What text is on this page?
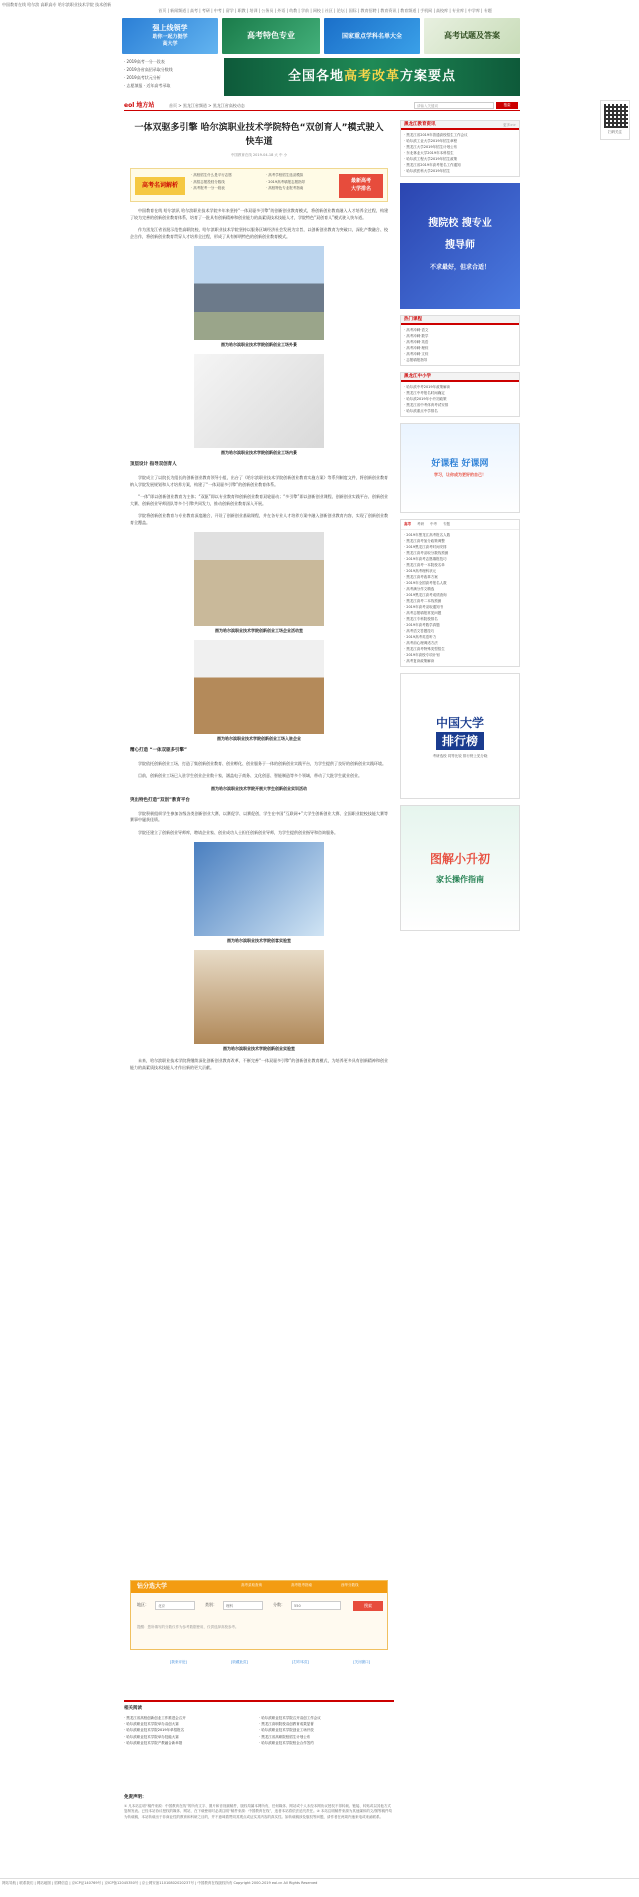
中国教育在线 哈尔滨 高职高专 哈尔滨职业技术学院 技术创新
首页 | 新闻频道 | 高考 | 考研 | 中考 | 留学 | 职教 | 培训 | 公务员 | 外语 | 幼教 | 学前 | 网校 | 社区 | 论坛 | 国际 | 教育招聘 | 教育资讯 | 教育频道 | 手机网 | 高校库 | 专业库 | 中学库 | 专题
强上线领学
助你一起力挺学
高大学
高考特色专业	国家重点学科名单大全	高考试题及答案
· 2019高考一分一段表
· 2019各省高招录取分数线
· 2019高考状元分析
· 志愿填报 · 近年高考录取
全国各地 高考改革 方案要点
扫码关注
eol 地方站	首页 > 黑龙江省频道 > 黑龙江省高校动态	请输入关键词	搜索
一体双驱多引擎 哈尔滨职业技术学院特色“双创育人”模式驶入快车道
中国教育在线 2019-04-18 大 中 小
高考名词解析
· 高校招生什么是平行志愿	· 高考学校招生选录模拟
· 高招志愿投档分数线	· 2019高考填报志愿指导
· 高考报考一分一段表	· 高校特色专业报考指南
最新高考
大学排名
中国教育在线 哈尔滨讯 哈尔滨职业技术学院多年来坚持“一体双驱多引擎”的创新创业教育模式，将创新创业教育融入人才培养全过程，构建了较为完善的创新创业教育体系，培育了一批具有创新精神和创业能力的高素质技术技能人才，学院特色“双创育人”模式驶入快车道。
作为黑龙江省首批示范性高职院校，哈尔滨职业技术学院坚持以服务区域经济社会发展为宗旨，以创新创业教育为突破口，深化产教融合、校企合作，将创新创业教育贯穿人才培养全过程，形成了具有鲜明特色的创新创业教育模式。
图为哈尔滨职业技术学院创新创业工场外景
图为哈尔滨职业技术学院创新创业工场内景
顶层设计 指导双创育人
学院成立了以院长为组长的创新创业教育领导小组，出台了《哈尔滨职业技术学院创新创业教育实施方案》等系列制度文件，将创新创业教育纳入学院发展规划和人才培养方案，构建了“一体双驱多引擎”的创新创业教育体系。
“一体”即以创新创业教育为主体；“双驱”即以专业教育和创新创业教育双轮驱动；“多引擎”即以创新创业课程、创新创业实践平台、创新创业大赛、创新创业导师团队等多个引擎共同发力，推动创新创业教育深入开展。
学院将创新创业教育与专业教育深度融合，开设了创新创业基础课程，并在各专业人才培养方案中融入创新创业教育内容，实现了创新创业教育全覆盖。
图为哈尔滨职业技术学院创新创业工场企业活动室
图为哈尔滨职业技术学院创新创业工场入驻企业
精心打造 “一体双驱多引擎”
学院依托创新创业工场，打造了集创新创业教育、创业孵化、创业服务于一体的创新创业实践平台，为学生提供了良好的创新创业实践环境。
目前，创新创业工场已入驻学生创业企业数十家，涵盖电子商务、文化创意、智能制造等多个领域，带动了大批学生就业创业。
图为哈尔滨职业技术学院开展大学生创新创业实训活动
突出特色打造“双创”教育平台
学院积极组织学生参加各级各类创新创业大赛，以赛促学、以赛促创，学生在中国“互联网+”大学生创新创业大赛、全国职业院校技能大赛等赛事中屡获佳绩。
学院还建立了创新创业导师库，聘请企业家、创业成功人士担任创新创业导师，为学生提供创业指导和咨询服务。
图为哈尔滨职业技术学院创客实验室
图为哈尔滨职业技术学院创新创业实验室
未来，哈尔滨职业技术学院将继续深化创新创业教育改革，不断完善“一体双驱多引擎”的创新创业教育模式，为培养更多具有创新精神和创业能力的高素质技术技能人才作出新的更大贡献。
钻分选大学	高考录取查询	高考报考指南	西华分数线
地区：	北京	类别：	理科	分数：	550	搜索
提醒：您所填写的分数仅作为参考数据使用，仅供选择高校参考。
[我来评论]	[收藏此页]	[打印本页]	[关闭窗口]
相关阅读
· 黑龙江省高校创新创业工作推进会召开	· 哈尔滨职业技术学院召开双创工作会议
· 哈尔滨职业技术学院举办双创大赛	· 黑龙江高职院校双创教育成果显著
· 哈尔滨职业技术学院2019年单招报名	· 哈尔滨职业技术学院创业工场开放
· 哈尔滨职业技术学院举办技能大赛	· 黑龙江省高职院校招生计划公布
· 哈尔滨职业技术学院产教融合新举措	· 哈尔滨职业技术学院校企合作签约
免责声明：
① 凡本站注明“稿件来源：中国教育在线”的所有文字、图片和音视频稿件，版权均属本网所有，任何媒体、网站或个人未经本网协议授权不得转载、链接、转贴或以其他方式复制发表。已经本站协议授权的媒体、网站，在下载使用时必须注明“稿件来源：中国教育在线”，违者本站将依法追究责任。② 本站注明稿件来源为其他媒体的文/图等稿件均为转载稿，本站转载出于非商业性的教育和科研之目的，并不意味着赞同其观点或证实其内容的真实性。如转载稿涉及版权等问题，请作者在两周内速来电或来函联系。
黑龙江教育资讯	更多>>
· 黑龙江省2019年普通高校招生工作会议
· 哈尔滨工业大学2019年招生章程
· 黑龙江大学2019年招生计划公布
· 东北林业大学2019年本科招生
· 哈尔滨工程大学2019年招生政策
· 黑龙江省2019年高考报名工作通知
· 哈尔滨医科大学2019年招生
搜院校 搜专业
搜导师
不求最好，但求合适！
热门课程
· 高考冲刺·语文
· 高考冲刺·数学
· 高考冲刺·英语
· 高考冲刺·理综
· 高考冲刺·文综
· 志愿填报指导
黑龙江中小学
· 哈尔滨中考2019年政策解读
· 黑龙江中考报名时间确定
· 哈尔滨2019年小升初政策
· 黑龙江省中考体育考试安排
· 哈尔滨重点中学排名
好课程 好课网
学习，让你成为更好的自己！
高考 考研 中考 专题
· 2019年黑龙江高考报名人数
· 黑龙江高考加分政策调整
· 2019黑龙江高考时间安排
· 黑龙江高考录取分数线预测
· 2019年高考志愿填报技巧
· 黑龙江高考一本院校名单
· 2019高考理科状元
· 黑龙江高考改革方案
· 2019年全国高考报名人数
· 高考满分作文精选
· 2019黑龙江高考成绩查询
· 黑龙江高考二本线预测
· 2019年高考录取通知书
· 高考志愿填报常见问题
· 黑龙江专科院校排名
· 2019年高考数学真题
· 高考语文答题技巧
· 2019高考英语听力
· 高考前心理调适方法
· 黑龙江高考特殊类型招生
· 2019年高校专项计划
· 高考复读政策解读
中国大学
排行榜
考研选校 同等比较 排行榜上见分晓
图解小升初
家长操作指南
网站导航 | 联系我们 | 网站地图 | 招聘信息 | 京ICP证140769号 | 京ICP备12045350号 | 京公网安备11010802020237号 | 中国教育在线版权所有 Copyright 2000-2019 eol.cn All Rights Reserved
